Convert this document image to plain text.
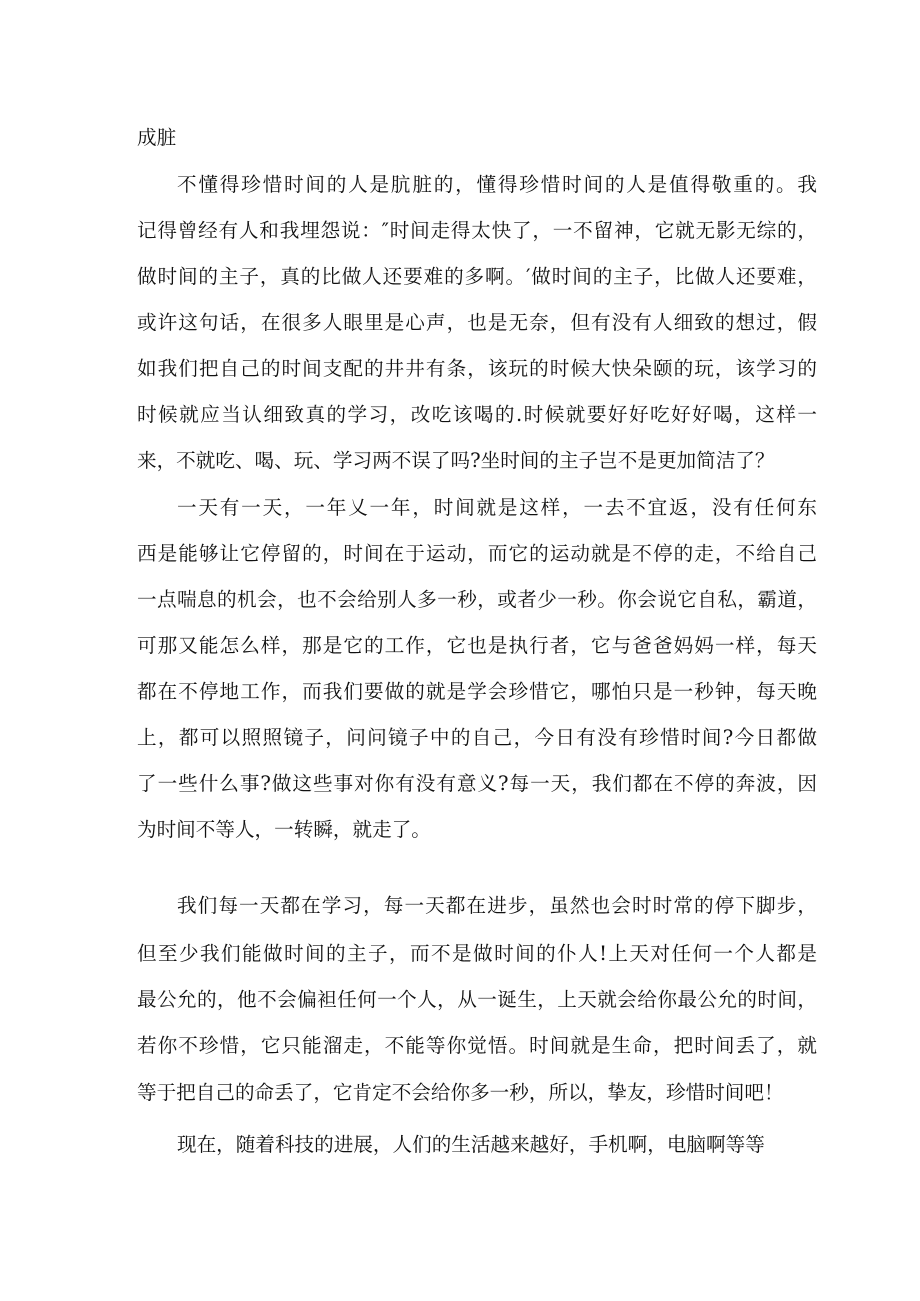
成脏
不懂得珍惜时间的人是肮脏的，懂得珍惜时间的人是值得敬重的。我
记得曾经有人和我埋怨说：″时间走得太快了，一不留神，它就无影无综的，
做时间的主子，真的比做人还要难的多啊。′做时间的主子，比做人还要难，
或许这句话，在很多人眼里是心声，也是无奈，但有没有人细致的想过，假
如我们把自己的时间支配的井井有条，该玩的时候大快朵颐的玩，该学习的
时候就应当认细致真的学习，改吃该喝的.时候就要好好吃好好喝，这样一
来，不就吃、喝、玩、学习两不误了吗?坐时间的主子岂不是更加简洁了？
一天有一天，一年乂一年，时间就是这样，一去不宜返，没有任何东
西是能够让它停留的，时间在于运动，而它的运动就是不停的走，不给自己
一点喘息的机会，也不会给别人多一秒，或者少一秒。你会说它自私，霸道，
可那又能怎么样，那是它的工作，它也是执行者，它与爸爸妈妈一样，每天
都在不停地工作，而我们要做的就是学会珍惜它，哪怕只是一秒钟，每天晚
上，都可以照照镜子，问问镜子中的自己，今日有没有珍惜时间?今日都做
了一些什么事?做这些事对你有没有意义?每一天，我们都在不停的奔波，因
为时间不等人，一转瞬，就走了。
我们每一天都在学习，每一天都在进步，虽然也会时时常的停下脚步，
但至少我们能做时间的主子，而不是做时间的仆人!上天对任何一个人都是
最公允的，他不会偏袒任何一个人，从一诞生，上天就会给你最公允的时间，
若你不珍惜，它只能溜走，不能等你觉悟。时间就是生命，把时间丢了，就
等于把自己的命丢了，它肯定不会给你多一秒，所以，挚友，珍惜时间吧！
现在，随着科技的进展，人们的生活越来越好，手机啊，电脑啊等等
